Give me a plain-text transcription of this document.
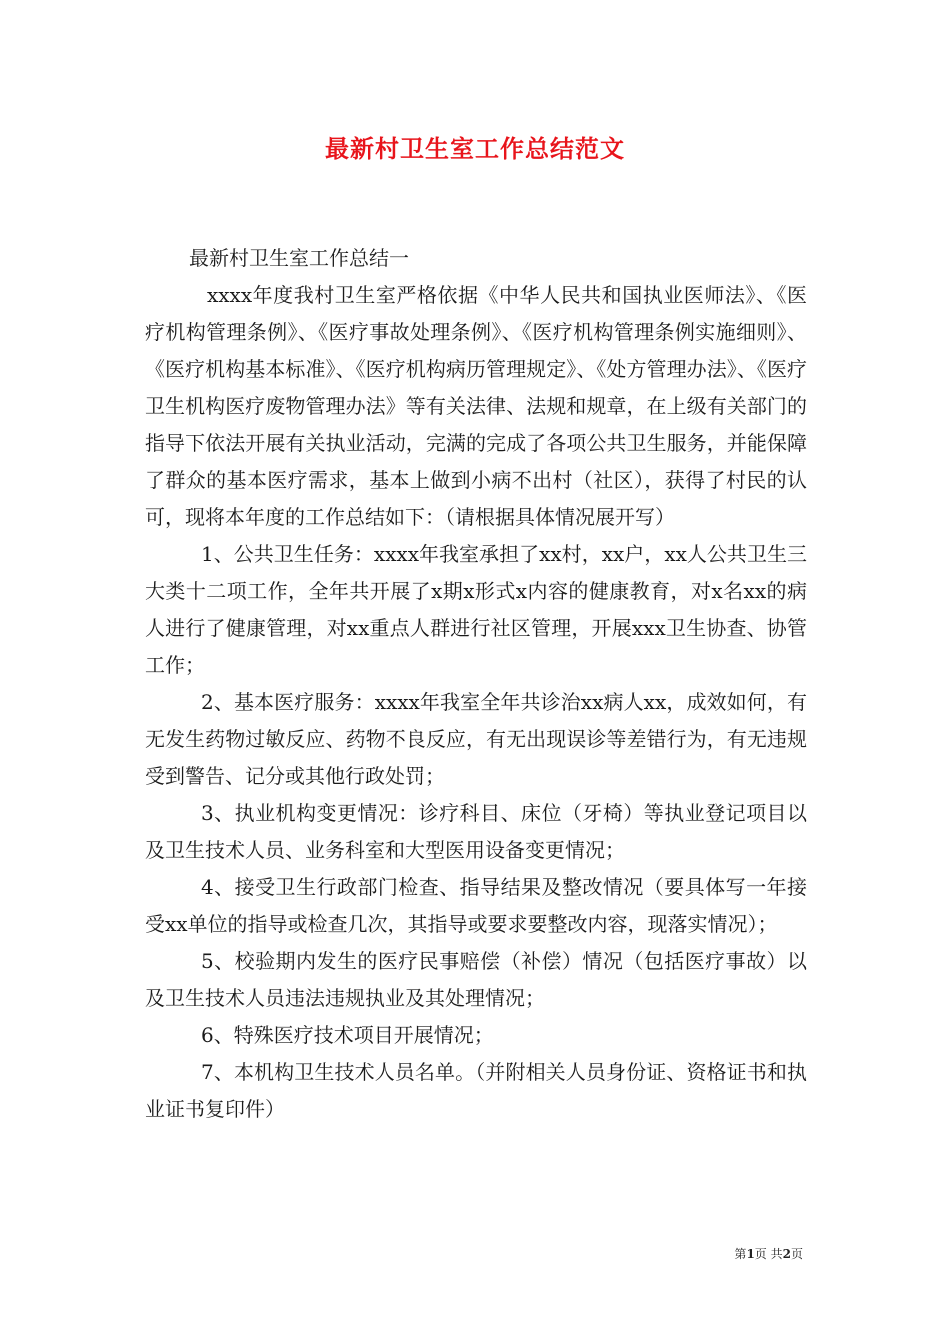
最新村卫生室工作总结范文

最新村卫生室工作总结一

xxxx年度我村卫生室严格依据《中华人民共和国执业医师法》、《医疗机构管理条例》、《医疗事故处理条例》、《医疗机构管理条例实施细则》、《医疗机构基本标准》、《医疗机构病历管理规定》、《处方管理办法》、《医疗卫生机构医疗废物管理办法》等有关法律、法规和规章，在上级有关部门的指导下依法开展有关执业活动，完满的完成了各项公共卫生服务，并能保障了群众的基本医疗需求，基本上做到小病不出村（社区），获得了村民的认可，现将本年度的工作总结如下：（请根据具体情况展开写）

1、公共卫生任务：xxxx年我室承担了xx村，xx户，xx人公共卫生三大类十二项工作，全年共开展了x期x形式x内容的健康教育，对x名xx的病人进行了健康管理，对xx重点人群进行社区管理，开展xxx卫生协查、协管工作；

2、基本医疗服务：xxxx年我室全年共诊治xx病人xx，成效如何，有无发生药物过敏反应、药物不良反应，有无出现误诊等差错行为，有无违规受到警告、记分或其他行政处罚；

3、执业机构变更情况：诊疗科目、床位（牙椅）等执业登记项目以及卫生技术人员、业务科室和大型医用设备变更情况；

4、接受卫生行政部门检查、指导结果及整改情况（要具体写一年接受xx单位的指导或检查几次，其指导或要求要整改内容，现落实情况）；

5、校验期内发生的医疗民事赔偿（补偿）情况（包括医疗事故）以及卫生技术人员违法违规执业及其处理情况；

6、特殊医疗技术项目开展情况；

7、本机构卫生技术人员名单。（并附相关人员身份证、资格证书和执业证书复印件）

第1页 共2页
